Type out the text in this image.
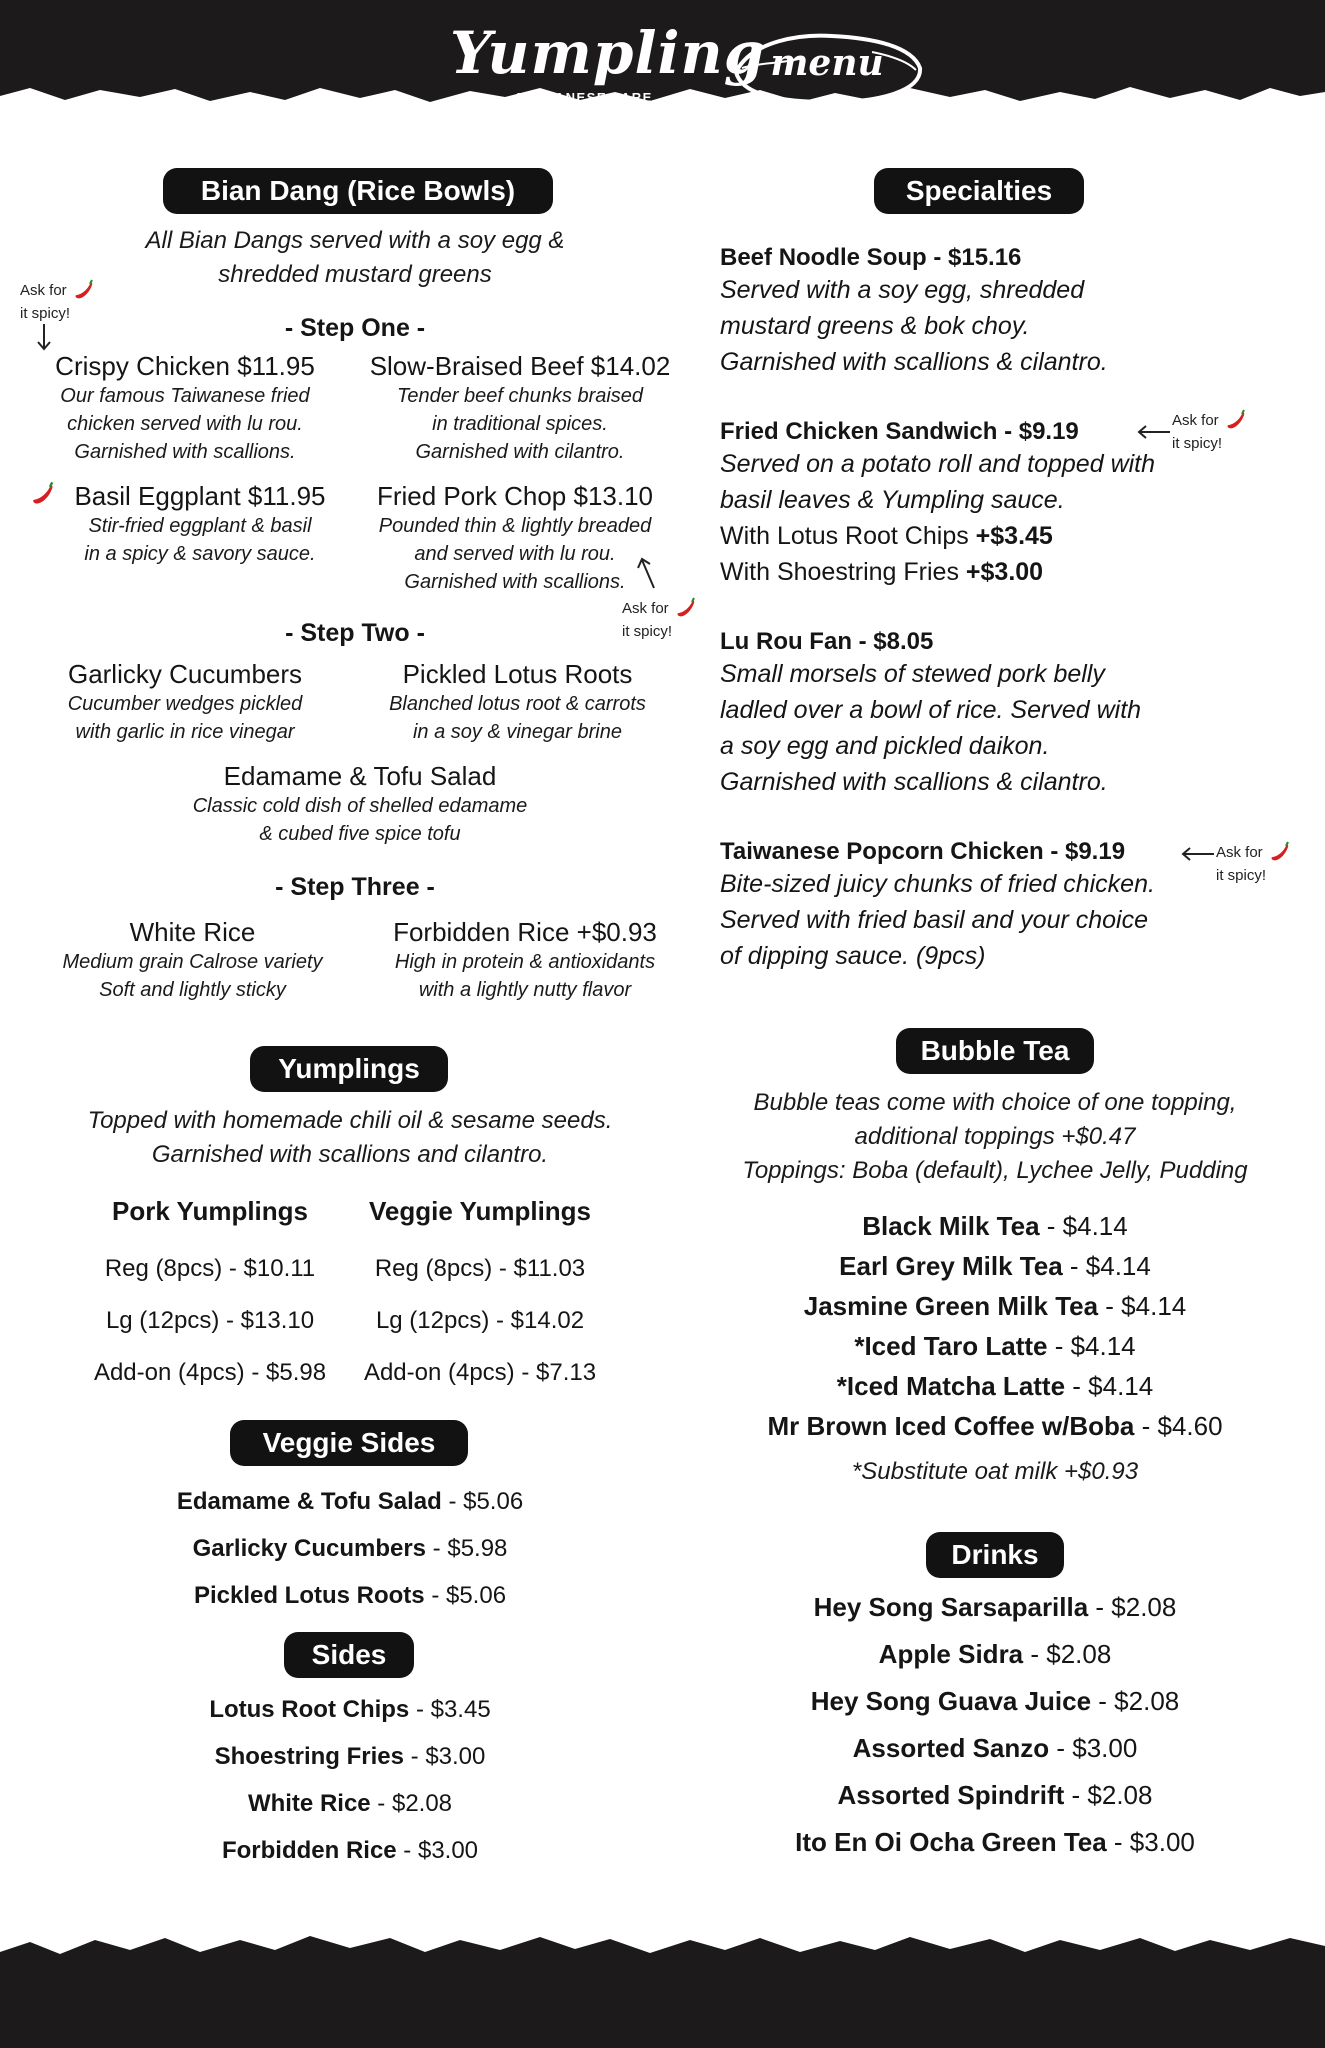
Yumpling
TAIWANESE FARE
menu
Bian Dang (Rice Bowls)
All Bian Dangs served with a soy egg &
shredded mustard greens
Ask for
it spicy!
- Step One -
Crispy Chicken $11.95
Our famous Taiwanese fried
chicken served with lu rou.
Garnished with scallions.
Slow-Braised Beef $14.02
Tender beef chunks braised
in traditional spices.
Garnished with cilantro.
Basil Eggplant $11.95
Stir-fried eggplant & basil
in a spicy & savory sauce.
Fried Pork Chop $13.10
Pounded thin & lightly breaded
and served with lu rou.
Garnished with scallions.
Ask for
it spicy!
- Step Two -
Garlicky Cucumbers
Cucumber wedges pickled
with garlic in rice vinegar
Pickled Lotus Roots
Blanched lotus root & carrots
in a soy & vinegar brine
Edamame & Tofu Salad
Classic cold dish of shelled edamame
& cubed five spice tofu
- Step Three -
White Rice
Medium grain Calrose variety
Soft and lightly sticky
Forbidden Rice +$0.93
High in protein & antioxidants
with a lightly nutty flavor
Yumplings
Topped with homemade chili oil & sesame seeds.
Garnished with scallions and cilantro.
Pork Yumplings
Reg (8pcs) - $10.11
Lg (12pcs) - $13.10
Add-on (4pcs) - $5.98
Veggie Yumplings
Reg (8pcs) - $11.03
Lg (12pcs) - $14.02
Add-on (4pcs) - $7.13
Veggie Sides
Edamame & Tofu Salad - $5.06
Garlicky Cucumbers - $5.98
Pickled Lotus Roots - $5.06
Sides
Lotus Root Chips - $3.45
Shoestring Fries - $3.00
White Rice - $2.08
Forbidden Rice - $3.00
Specialties
Beef Noodle Soup - $15.16
Served with a soy egg, shredded
mustard greens & bok choy.
Garnished with scallions & cilantro.
Fried Chicken Sandwich - $9.19
Served on a potato roll and topped with
basil leaves & Yumpling sauce.
With Lotus Root Chips +$3.45
With Shoestring Fries +$3.00
Ask for
it spicy!
Lu Rou Fan - $8.05
Small morsels of stewed pork belly
ladled over a bowl of rice. Served with
a soy egg and pickled daikon.
Garnished with scallions & cilantro.
Taiwanese Popcorn Chicken - $9.19
Bite-sized juicy chunks of fried chicken.
Served with fried basil and your choice
of dipping sauce. (9pcs)
Ask for
it spicy!
Bubble Tea
Bubble teas come with choice of one topping,
additional toppings +$0.47
Toppings: Boba (default), Lychee Jelly, Pudding
Black Milk Tea - $4.14
Earl Grey Milk Tea - $4.14
Jasmine Green Milk Tea - $4.14
*Iced Taro Latte - $4.14
*Iced Matcha Latte - $4.14
Mr Brown Iced Coffee w/Boba - $4.60
*Substitute oat milk +$0.93
Drinks
Hey Song Sarsaparilla - $2.08
Apple Sidra - $2.08
Hey Song Guava Juice - $2.08
Assorted Sanzo - $3.00
Assorted Spindrift - $2.08
Ito En Oi Ocha Green Tea - $3.00
